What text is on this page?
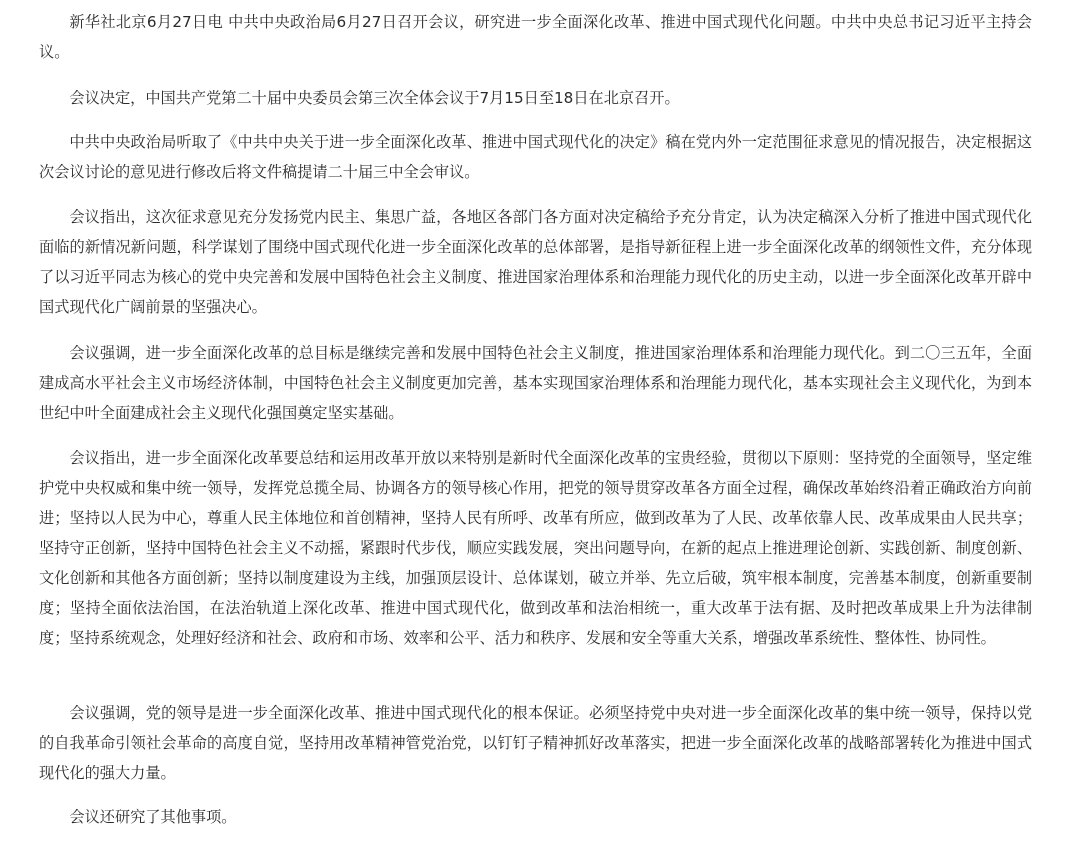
新华社北京6月27日电 中共中央政治局6月27日召开会议，研究进一步全面深化改革、推进中国式现代化问题。中共中央总书记习近平主持会议。

会议决定，中国共产党第二十届中央委员会第三次全体会议于7月15日至18日在北京召开。

中共中央政治局听取了《中共中央关于进一步全面深化改革、推进中国式现代化的决定》稿在党内外一定范围征求意见的情况报告，决定根据这次会议讨论的意见进行修改后将文件稿提请二十届三中全会审议。

会议指出，这次征求意见充分发扬党内民主、集思广益，各地区各部门各方面对决定稿给予充分肯定，认为决定稿深入分析了推进中国式现代化面临的新情况新问题，科学谋划了围绕中国式现代化进一步全面深化改革的总体部署，是指导新征程上进一步全面深化改革的纲领性文件，充分体现了以习近平同志为核心的党中央完善和发展中国特色社会主义制度、推进国家治理体系和治理能力现代化的历史主动，以进一步全面深化改革开辟中国式现代化广阔前景的坚强决心。

会议强调，进一步全面深化改革的总目标是继续完善和发展中国特色社会主义制度，推进国家治理体系和治理能力现代化。到二〇三五年，全面建成高水平社会主义市场经济体制，中国特色社会主义制度更加完善，基本实现国家治理体系和治理能力现代化，基本实现社会主义现代化，为到本世纪中叶全面建成社会主义现代化强国奠定坚实基础。

会议指出，进一步全面深化改革要总结和运用改革开放以来特别是新时代全面深化改革的宝贵经验，贯彻以下原则：坚持党的全面领导，坚定维护党中央权威和集中统一领导，发挥党总揽全局、协调各方的领导核心作用，把党的领导贯穿改革各方面全过程，确保改革始终沿着正确政治方向前进；坚持以人民为中心，尊重人民主体地位和首创精神，坚持人民有所呼、改革有所应，做到改革为了人民、改革依靠人民、改革成果由人民共享；坚持守正创新，坚持中国特色社会主义不动摇，紧跟时代步伐，顺应实践发展，突出问题导向，在新的起点上推进理论创新、实践创新、制度创新、文化创新和其他各方面创新；坚持以制度建设为主线，加强顶层设计、总体谋划，破立并举、先立后破，筑牢根本制度，完善基本制度，创新重要制度；坚持全面依法治国，在法治轨道上深化改革、推进中国式现代化，做到改革和法治相统一，重大改革于法有据、及时把改革成果上升为法律制度；坚持系统观念，处理好经济和社会、政府和市场、效率和公平、活力和秩序、发展和安全等重大关系，增强改革系统性、整体性、协同性。

会议强调，党的领导是进一步全面深化改革、推进中国式现代化的根本保证。必须坚持党中央对进一步全面深化改革的集中统一领导，保持以党的自我革命引领社会革命的高度自觉，坚持用改革精神管党治党，以钉钉子精神抓好改革落实，把进一步全面深化改革的战略部署转化为推进中国式现代化的强大力量。

会议还研究了其他事项。
